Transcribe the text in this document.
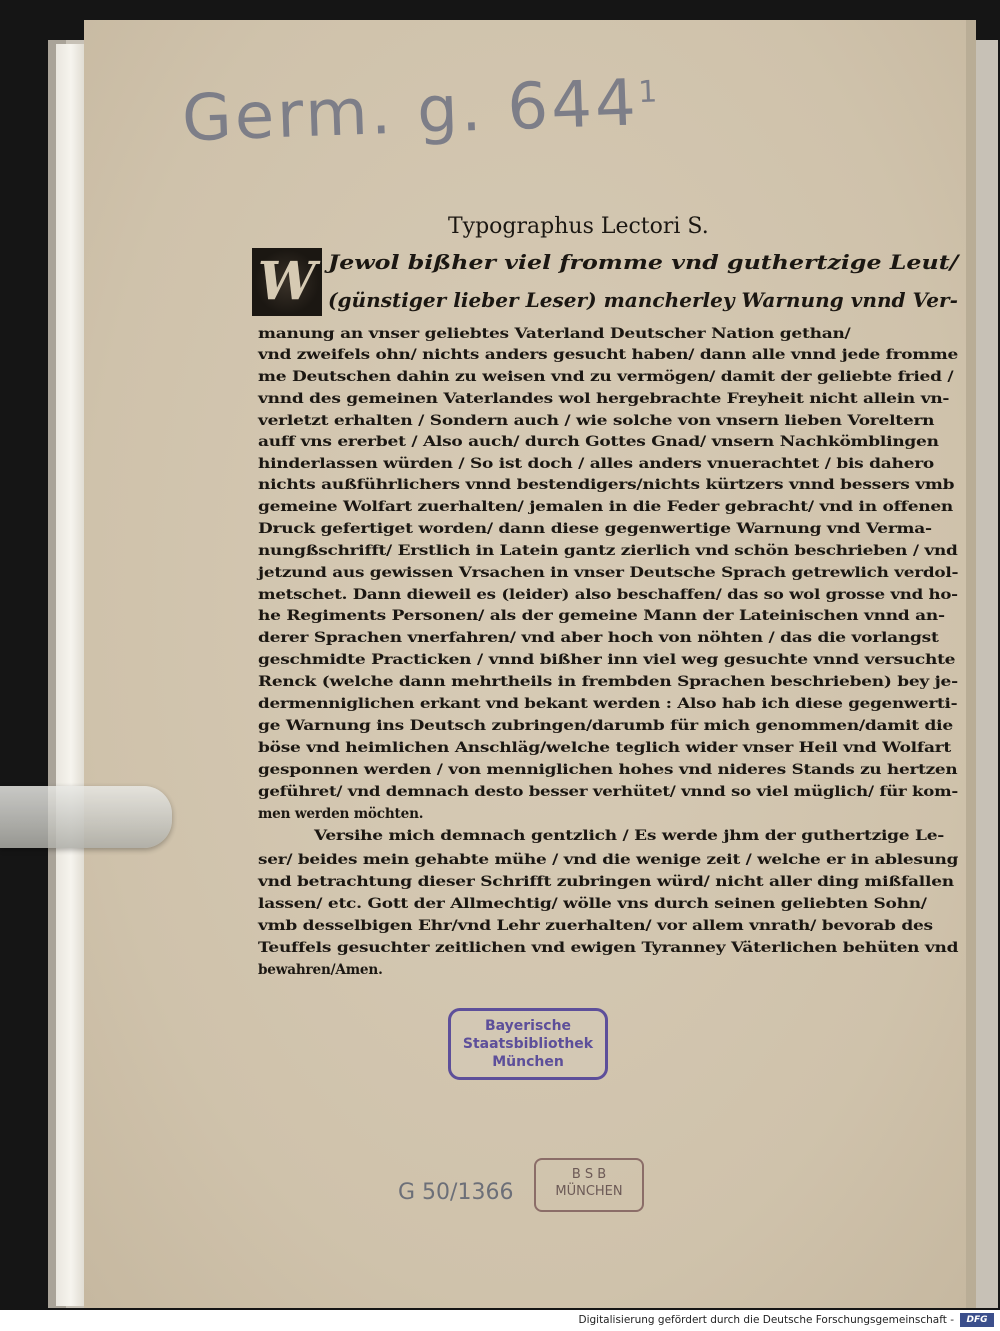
Germ. g. $644^1$
Typographus Lectori S.
W Jewol bißher viel fromme vnd guthertzige Leut/
(günstiger lieber Leser) mancherley Warnung vnnd Ver-
manung an vnser geliebtes Vaterland Deutscher Nation gethan/
vnd zweifels ohn/ nichts anders gesucht haben/ dann alle vnnd jede fromme
me Deutschen dahin zu weisen vnd zu vermögen/ damit der geliebte fried /
vnnd des gemeinen Vaterlandes wol hergebrachte Freyheit nicht allein vn-
verletzt erhalten / Sondern auch / wie solche von vnsern lieben Voreltern
auff vns ererbet / Also auch/ durch Gottes Gnad/ vnsern Nachkömblingen
hinderlassen würden / So ist doch / alles anders vnuerachtet / bis dahero
nichts außführlichers vnnd bestendigers/nichts kürtzers vnnd bessers vmb
gemeine Wolfart zuerhalten/ jemalen in die Feder gebracht/ vnd in offenen
Druck gefertiget worden/ dann diese gegenwertige Warnung vnd Verma-
nungßschrifft/ Erstlich in Latein gantz zierlich vnd schön beschrieben / vnd
jetzund aus gewissen Vrsachen in vnser Deutsche Sprach getrewlich verdol-
metschet. Dann dieweil es (leider) also beschaffen/ das so wol grosse vnd ho-
he Regiments Personen/ als der gemeine Mann der Lateinischen vnnd an-
derer Sprachen vnerfahren/ vnd aber hoch von nöhten / das die vorlangst
geschmidte Practicken / vnnd bißher inn viel weg gesuchte vnnd versuchte
Renck (welche dann mehrtheils in frembden Sprachen beschrieben) bey je-
dermenniglichen erkant vnd bekant werden : Also hab ich diese gegenwerti-
ge Warnung ins Deutsch zubringen/darumb für mich genommen/damit die
böse vnd heimlichen Anschläg/welche teglich wider vnser Heil vnd Wolfart
gesponnen werden / von menniglichen hohes vnd nideres Stands zu hertzen
geführet/ vnd demnach desto besser verhütet/ vnnd so viel müglich/ für kom-
men werden möchten.
Versihe mich demnach gentzlich / Es werde jhm der guthertzige Le-
ser/ beides mein gehabte mühe / vnd die wenige zeit / welche er in ablesung
vnd betrachtung dieser Schrifft zubringen würd/ nicht aller ding mißfallen
lassen/ etc. Gott der Allmechtig/ wölle vns durch seinen geliebten Sohn/
vmb desselbigen Ehr/vnd Lehr zuerhalten/ vor allem vnrath/ bevorab des
Teuffels gesuchter zeitlichen vnd ewigen Tyranney Väterlichen behüten vnd
bewahren/Amen.
Bayerische
Staatsbibliothek
München
G 50/1366
B S B
MÜNCHEN
Digitalisierung gefördert durch die Deutsche Forschungsgemeinschaft -	DFG
